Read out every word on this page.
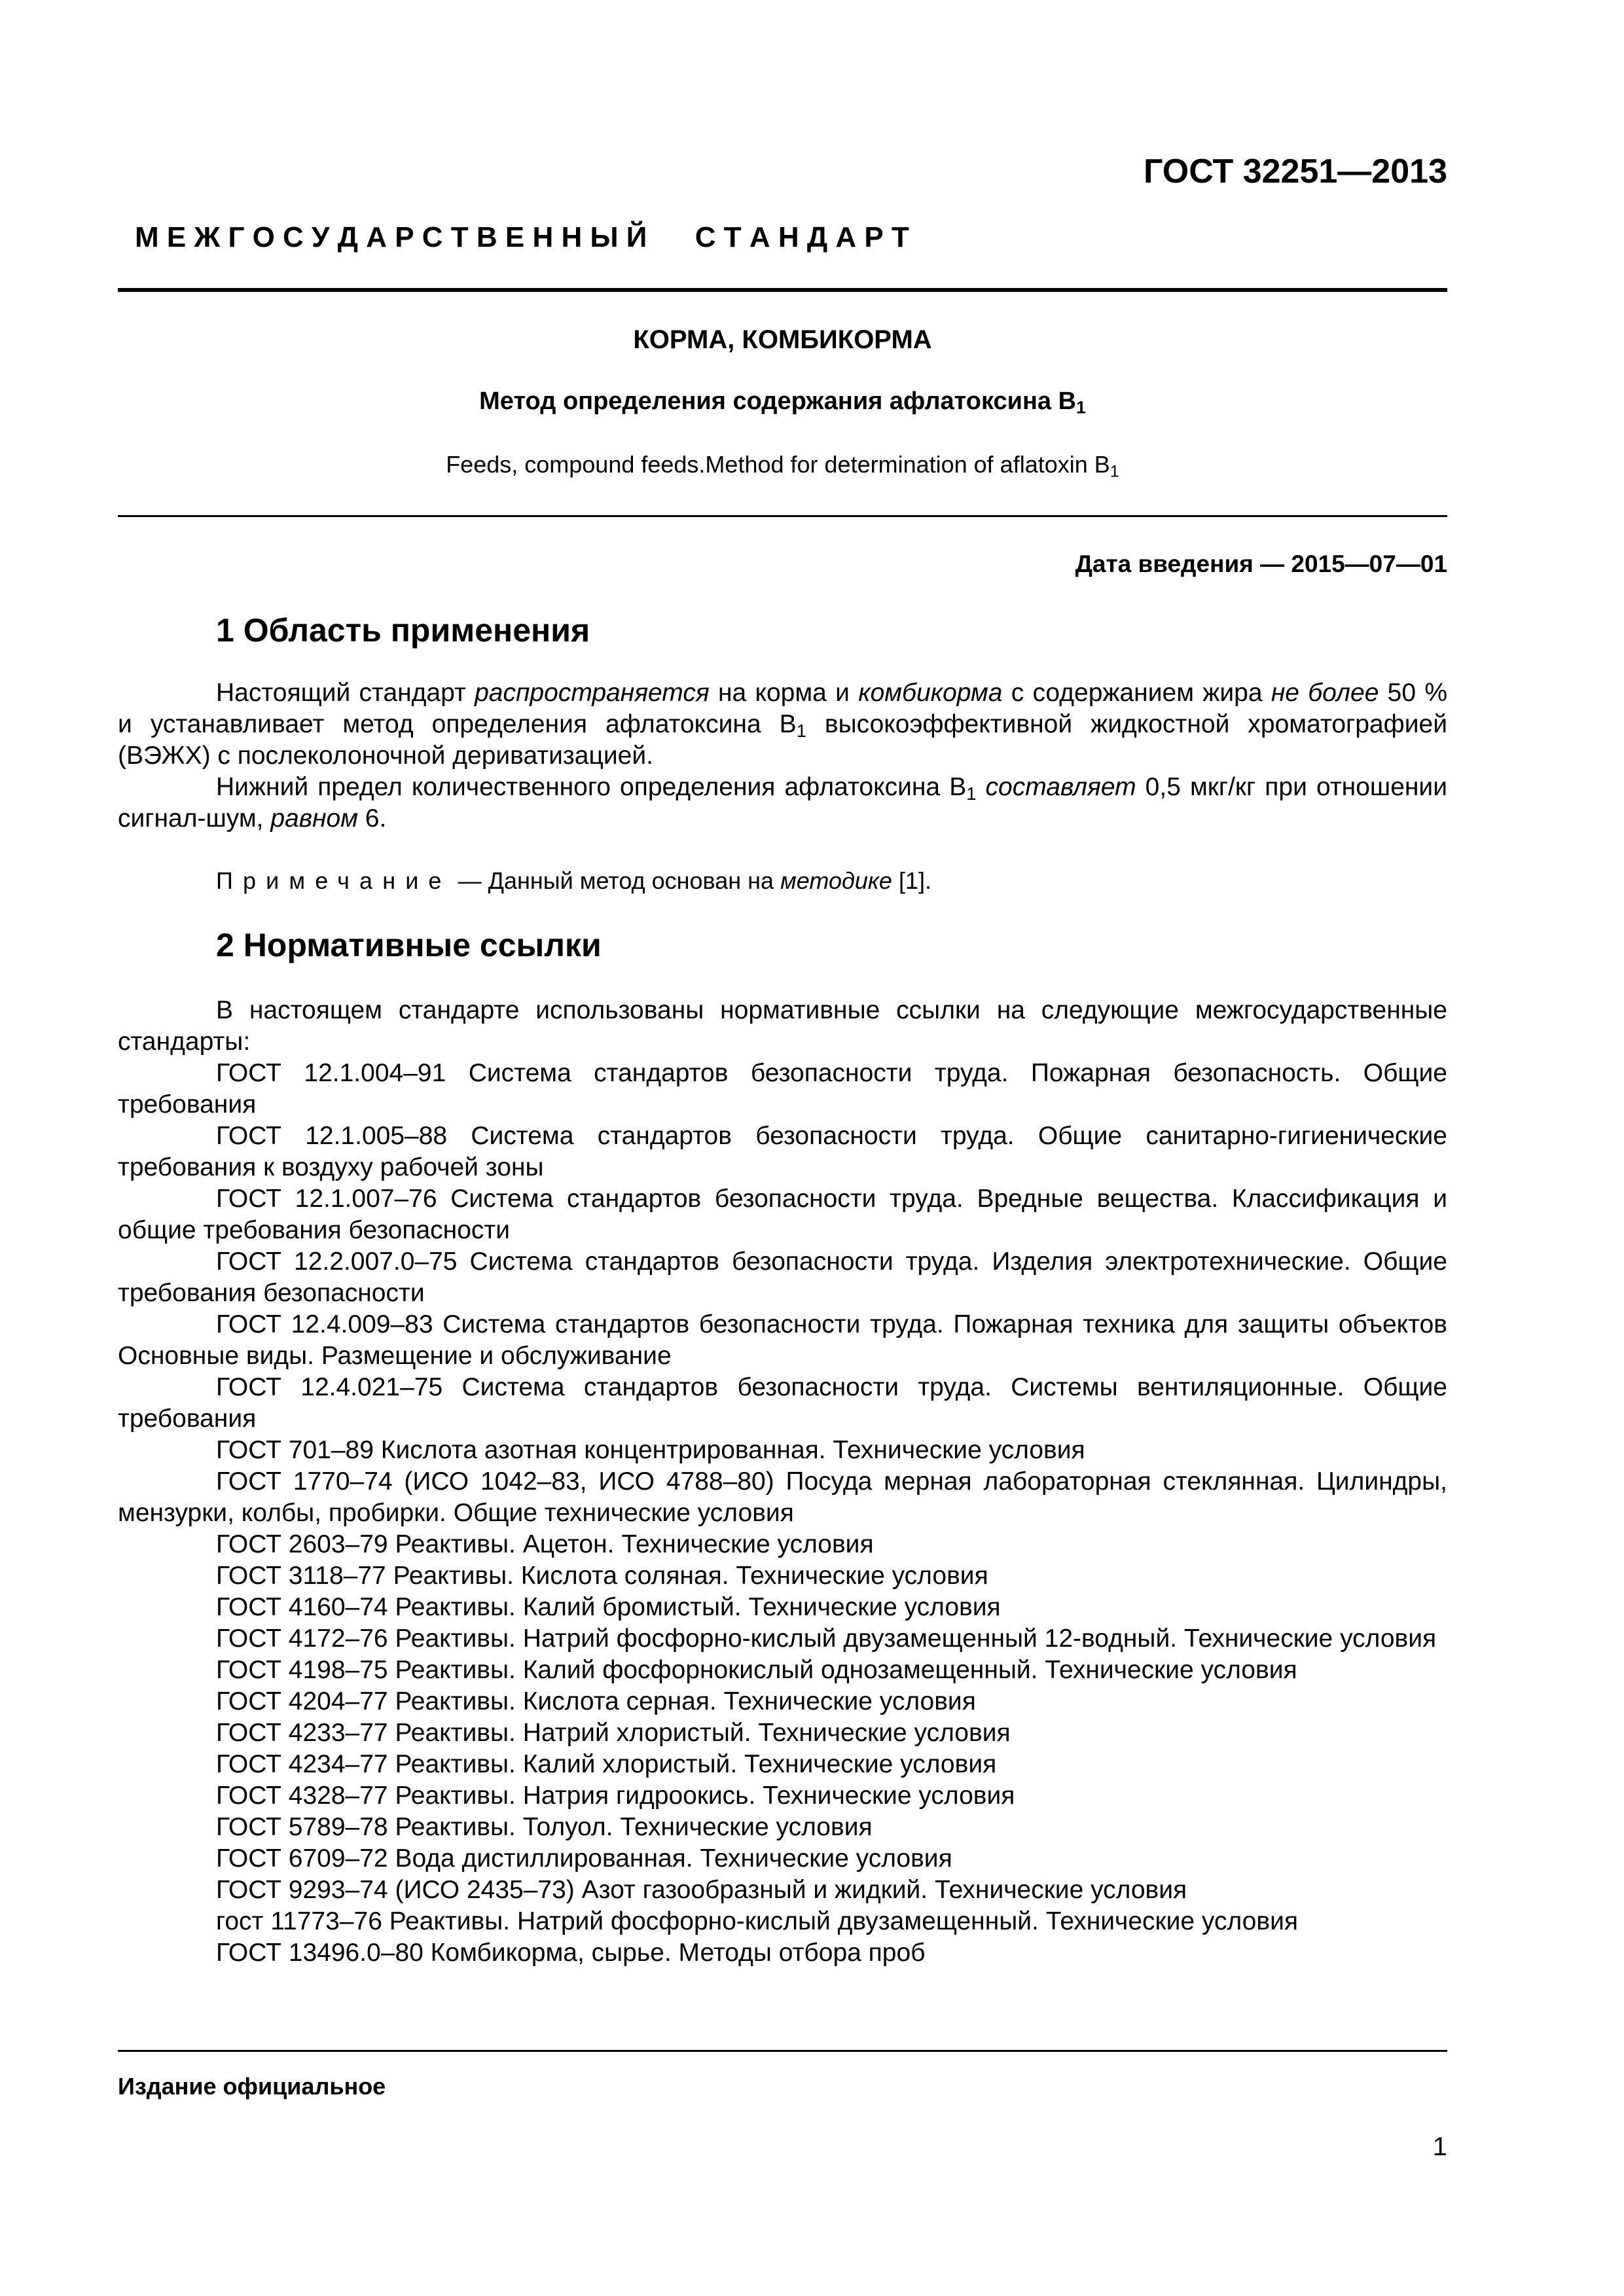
ГОСТ 32251—2013
М Е Ж Г О С У Д А Р С Т В Е Н Н Ы Й      С Т А Н Д А Р Т
КОРМА, КОМБИКОРМА
Метод определения содержания афлатоксина $В_1$
Feeds, compound feeds.Method for determination of aflatoxin $B_1$
Дата введения — 2015—07—01
1 Область применения
Настоящий стандарт распространяется на корма и комбикорма с содержанием жира не более 50 % и устанавливает метод определения афлатоксина $В_1$ высокоэффективной жидкостной хроматографией (ВЭЖХ) с послеколоночной дериватизацией.
Нижний предел количественного определения афлатоксина $В_1$ составляет 0,5 мкг/кг при отношении сигнал-шум, равном 6.
Примечание — Данный метод основан на методике [1].
2 Нормативные ссылки

В настоящем стандарте использованы нормативные ссылки на следующие межгосударственные стандарты:

ГОСТ 12.1.004–91 Система стандартов безопасности труда. Пожарная безопасность. Общие требования

ГОСТ 12.1.005–88 Система стандартов безопасности труда. Общие санитарно-гигиенические требования к воздуху рабочей зоны

ГОСТ 12.1.007–76 Система стандартов безопасности труда. Вредные вещества. Классификация и общие требования безопасности

ГОСТ 12.2.007.0–75 Система стандартов безопасности труда. Изделия электротехнические. Общие требования безопасности

ГОСТ 12.4.009–83 Система стандартов безопасности труда. Пожарная техника для защиты объектов Основные виды. Размещение и обслуживание

ГОСТ 12.4.021–75 Система стандартов безопасности труда. Системы вентиляционные. Общие требования

ГОСТ 701–89 Кислота азотная концентрированная. Технические условия

ГОСТ 1770–74 (ИСО 1042–83, ИСО 4788–80) Посуда мерная лабораторная стеклянная. Цилиндры, мензурки, колбы, пробирки. Общие технические условия

ГОСТ 2603–79 Реактивы. Ацетон. Технические условия

ГОСТ 3118–77 Реактивы. Кислота соляная. Технические условия

ГОСТ 4160–74 Реактивы. Калий бромистый. Технические условия

ГОСТ 4172–76 Реактивы. Натрий фосфорно-кислый двузамещенный 12-водный. Технические условия

ГОСТ 4198–75 Реактивы. Калий фосфорнокислый однозамещенный. Технические условия

ГОСТ 4204–77 Реактивы. Кислота серная. Технические условия

ГОСТ 4233–77 Реактивы. Натрий хлористый. Технические условия

ГОСТ 4234–77 Реактивы. Калий хлористый. Технические условия

ГОСТ 4328–77 Реактивы. Натрия гидроокись. Технические условия

ГОСТ 5789–78 Реактивы. Толуол. Технические условия

ГОСТ 6709–72 Вода дистиллированная. Технические условия

ГОСТ 9293–74 (ИСО 2435–73) Азот газообразный и жидкий. Технические условия

гост 11773–76 Реактивы. Натрий фосфорно-кислый двузамещенный. Технические условия

ГОСТ 13496.0–80 Комбикорма, сырье. Методы отбора проб

Издание официальное
1
